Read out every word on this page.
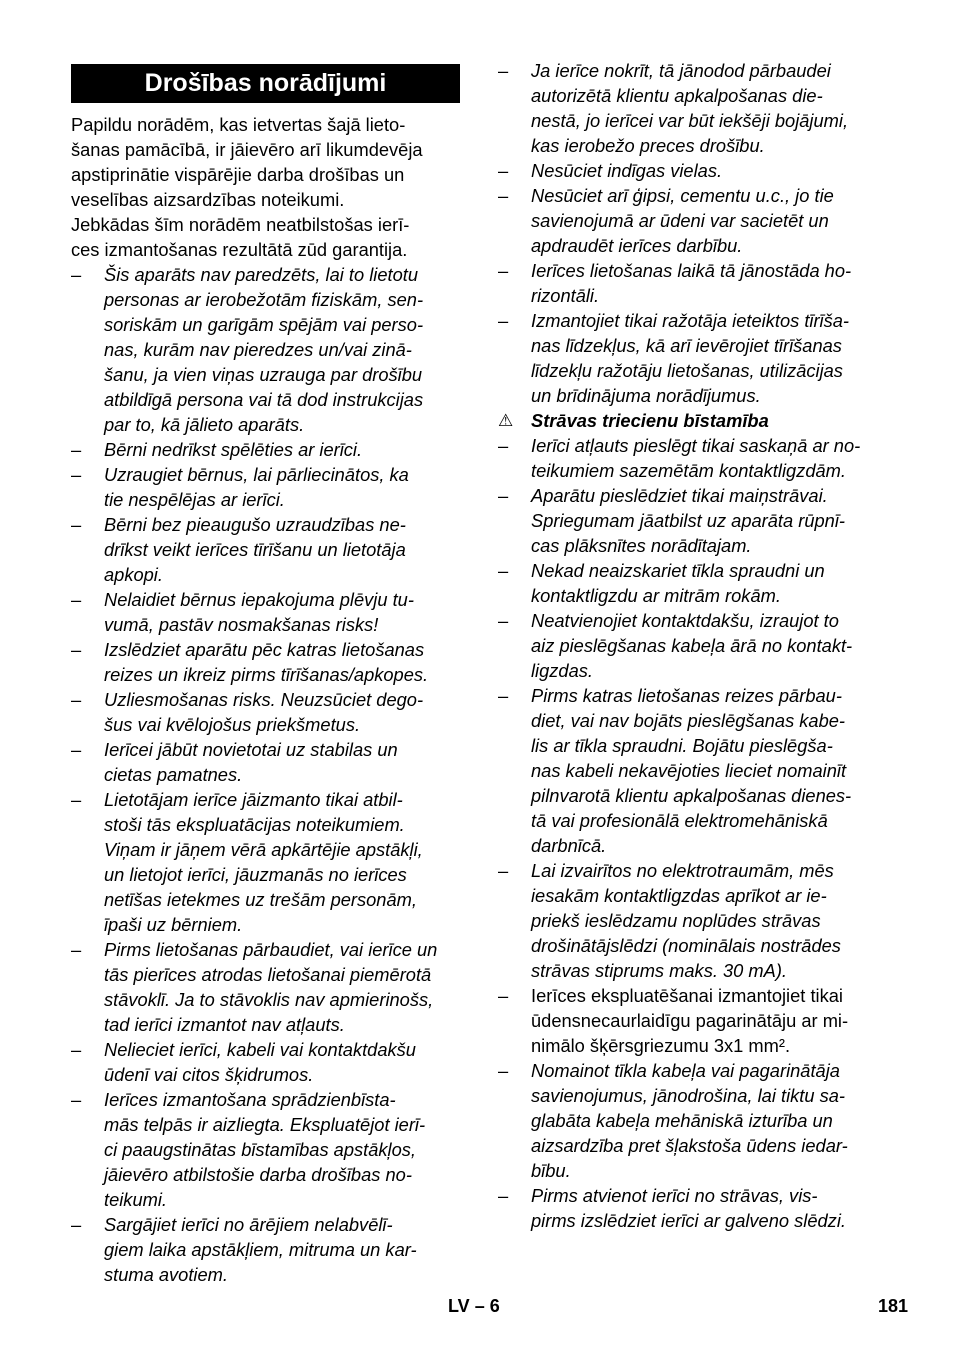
Drošības norādījumi

Papildu norādēm, kas ietvertas šajā lieto-
šanas pamācībā, ir jāievēro arī likumdevēja
apstiprinātie vispārējie darba drošības un
veselības aizsardzības noteikumi.

Jebkādas šīm norādēm neatbilstošas ierī-
ces izmantošanas rezultātā zūd garantija.

–	Šis aparāts nav paredzēts, lai to lietotu
personas ar ierobežotām fiziskām, sen-
soriskām un garīgām spējām vai perso-
nas, kurām nav pieredzes un/vai zinā-
šanu, ja vien viņas uzrauga par drošību
atbildīgā persona vai tā dod instrukcijas
par to, kā jālieto aparāts.
–	Bērni nedrīkst spēlēties ar ierīci.
–	Uzraugiet bērnus, lai pārliecinātos, ka
tie nespēlējas ar ierīci.
–	Bērni bez pieaugušo uzraudzības ne-
drīkst veikt ierīces tīrīšanu un lietotāja
apkopi.
–	Nelaidiet bērnus iepakojuma plēvju tu-
vumā, pastāv nosmakšanas risks!
–	Izslēdziet aparātu pēc katras lietošanas
reizes un ikreiz pirms tīrīšanas/apkopes.
–	Uzliesmošanas risks. Neuzsūciet dego-
šus vai kvēlojošus priekšmetus.
–	Ierīcei jābūt novietotai uz stabilas un
cietas pamatnes.
–	Lietotājam ierīce jāizmanto tikai atbil-
stoši tās ekspluatācijas noteikumiem.
Viņam ir jāņem vērā apkārtējie apstākļi,
un lietojot ierīci, jāuzmanās no ierīces
netīšas ietekmes uz trešām personām,
īpaši uz bērniem.
–	Pirms lietošanas pārbaudiet, vai ierīce un
tās pierīces atrodas lietošanai piemērotā
stāvoklī. Ja to stāvoklis nav apmierinošs,
tad ierīci izmantot nav atļauts.
–	Nelieciet ierīci, kabeli vai kontaktdakšu
ūdenī vai citos šķidrumos.
–	Ierīces izmantošana sprādzienbīsta-
mās telpās ir aizliegta. Ekspluatējot ierī-
ci paaugstinātas bīstamības apstākļos,
jāievēro atbilstošie darba drošības no-
teikumi.
–	Sargājiet ierīci no ārējiem nelabvēlī-
giem laika apstākļiem, mitruma un kar-
stuma avotiem.
–	Ja ierīce nokrīt, tā jānodod pārbaudei
autorizētā klientu apkalpošanas die-
nestā, jo ierīcei var būt iekšēji bojājumi,
kas ierobežo preces drošību.
–	Nesūciet indīgas vielas.
–	Nesūciet arī ģipsi, cementu u.c., jo tie
savienojumā ar ūdeni var sacietēt un
apdraudēt ierīces darbību.
–	Ierīces lietošanas laikā tā jānostāda ho-
rizontāli.
–	Izmantojiet tikai ražotāja ieteiktos tīrīša-
nas līdzekļus, kā arī ievērojiet tīrīšanas
līdzekļu ražotāju lietošanas, utilizācijas
un brīdinājuma norādījumus.
⚠ Strāvas triecienu bīstamība
–	Ierīci atļauts pieslēgt tikai saskaņā ar no-
teikumiem sazemētām kontaktligzdām.
–	Aparātu pieslēdziet tikai maiņstrāvai.
Spriegumam jāatbilst uz aparāta rūpnī-
cas plāksnītes norādītajam.
–	Nekad neaizskariet tīkla spraudni un
kontaktligzdu ar mitrām rokām.
–	Neatvienojiet kontaktdakšu, izraujot to
aiz pieslēgšanas kabeļa ārā no kontakt-
ligzdas.
–	Pirms katras lietošanas reizes pārbau-
diet, vai nav bojāts pieslēgšanas kabe-
lis ar tīkla spraudni. Bojātu pieslēgša-
nas kabeli nekavējoties lieciet nomainīt
pilnvarotā klientu apkalpošanas dienes-
tā vai profesionālā elektromehāniskā
darbnīcā.
–	Lai izvairītos no elektrotraumām, mēs
iesakām kontaktligzdas aprīkot ar ie-
priekš ieslēdzamu noplūdes strāvas
drošinātājslēdzi (nominālais nostrādes
strāvas stiprums maks. 30 mA).
–	Ierīces ekspluatēšanai izmantojiet tikai
ūdensnecaurlaidīgu pagarinātāju ar mi-
nimālo šķērsgriezumu 3x1 mm².
–	Nomainot tīkla kabeļa vai pagarinātāja
savienojumus, jānodrošina, lai tiktu sa-
glabāta kabeļa mehāniskā izturība un
aizsardzība pret šļakstoša ūdens iedar-
bību.
–	Pirms atvienot ierīci no strāvas, vis-
pirms izslēdziet ierīci ar galveno slēdzi.
LV – 6	181
